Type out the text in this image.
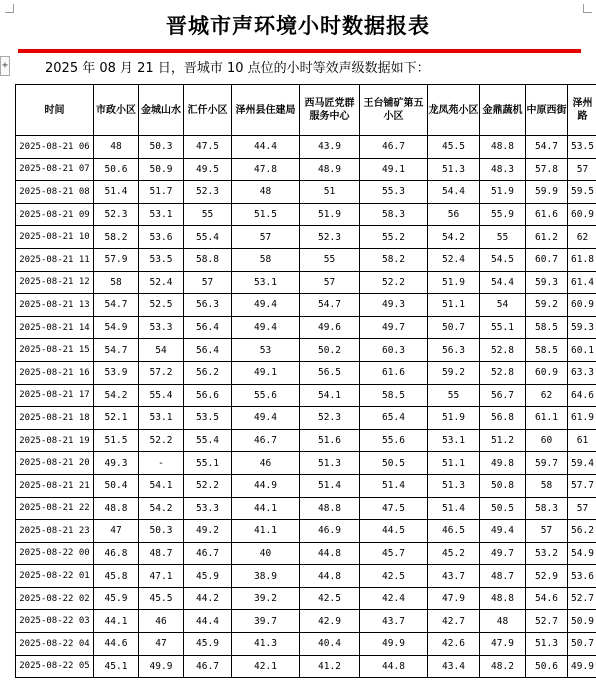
晋城市声环境小时数据报表
+	2025 年 08 月 21 日，晋城市 10 点位的小时等效声级数据如下：
时间	市政小区	金城山水	汇仟小区	泽州县住建局	西马匠党群服务中心	王台铺矿第五小区	龙凤苑小区	金鼎蔬机	中原西街	泽州路
2025-08-21 06	48	50.3	47.5	44.4	43.9	46.7	45.5	48.8	54.7	53.5
2025-08-21 07	50.6	50.9	49.5	47.8	48.9	49.1	51.3	48.3	57.8	57
2025-08-21 08	51.4	51.7	52.3	48	51	55.3	54.4	51.9	59.9	59.5
2025-08-21 09	52.3	53.1	55	51.5	51.9	58.3	56	55.9	61.6	60.9
2025-08-21 10	58.2	53.6	55.4	57	52.3	55.2	54.2	55	61.2	62
2025-08-21 11	57.9	53.5	58.8	58	55	58.2	52.4	54.5	60.7	61.8
2025-08-21 12	58	52.4	57	53.1	57	52.2	51.9	54.4	59.3	61.4
2025-08-21 13	54.7	52.5	56.3	49.4	54.7	49.3	51.1	54	59.2	60.9
2025-08-21 14	54.9	53.3	56.4	49.4	49.6	49.7	50.7	55.1	58.5	59.3
2025-08-21 15	54.7	54	56.4	53	50.2	60.3	56.3	52.8	58.5	60.1
2025-08-21 16	53.9	57.2	56.2	49.1	56.5	61.6	59.2	52.8	60.9	63.3
2025-08-21 17	54.2	55.4	56.6	55.6	54.1	58.5	55	56.7	62	64.6
2025-08-21 18	52.1	53.1	53.5	49.4	52.3	65.4	51.9	56.8	61.1	61.9
2025-08-21 19	51.5	52.2	55.4	46.7	51.6	55.6	53.1	51.2	60	61
2025-08-21 20	49.3	-	55.1	46	51.3	50.5	51.1	49.8	59.7	59.4
2025-08-21 21	50.4	54.1	52.2	44.9	51.4	51.4	51.3	50.8	58	57.7
2025-08-21 22	48.8	54.2	53.3	44.1	48.8	47.5	51.4	50.5	58.3	57
2025-08-21 23	47	50.3	49.2	41.1	46.9	44.5	46.5	49.4	57	56.2
2025-08-22 00	46.8	48.7	46.7	40	44.8	45.7	45.2	49.7	53.2	54.9
2025-08-22 01	45.8	47.1	45.9	38.9	44.8	42.5	43.7	48.7	52.9	53.6
2025-08-22 02	45.9	45.5	44.2	39.2	42.5	42.4	47.9	48.8	54.6	52.7
2025-08-22 03	44.1	46	44.4	39.7	42.9	43.7	42.7	48	52.7	50.9
2025-08-22 04	44.6	47	45.9	41.3	40.4	49.9	42.6	47.9	51.3	50.7
2025-08-22 05	45.1	49.9	46.7	42.1	41.2	44.8	43.4	48.2	50.6	49.9
